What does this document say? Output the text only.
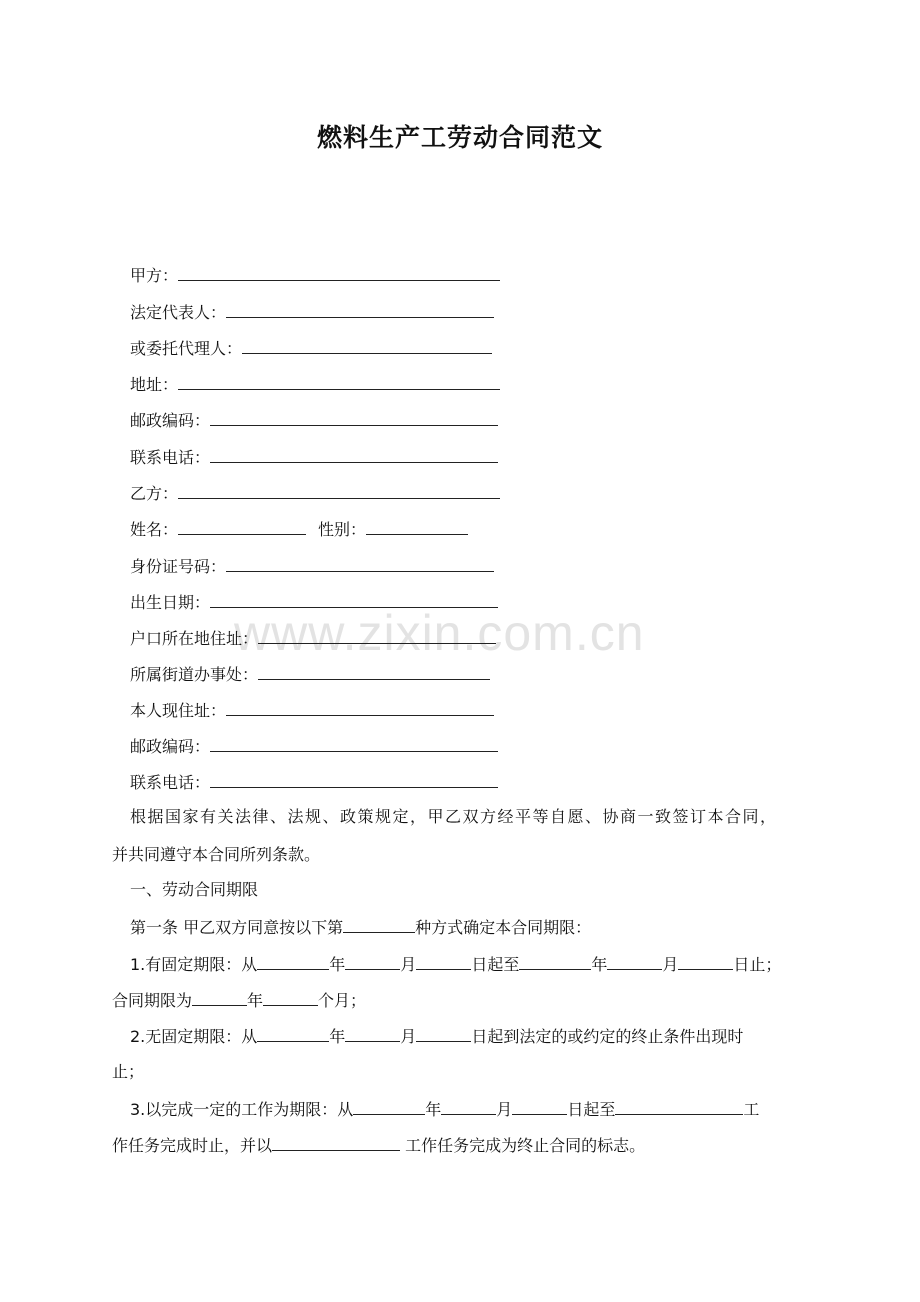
燃料生产工劳动合同范文
www.zixin.com.cn
甲方：
法定代表人：
或委托代理人：
地址：
邮政编码：
联系电话：
乙方：
姓名：	性别：
身份证号码：
出生日期：
户口所在地住址：
所属街道办事处：
本人现住址：
邮政编码：
联系电话：
根据国家有关法律、法规、政策规定，甲乙双方经平等自愿、协商一致签订本合同，
并共同遵守本合同所列条款。
一、劳动合同期限
第一条 甲乙双方同意按以下第	种方式确定本合同期限：
1.有固定期限：从	年	月	日起至	年	月	日止；
合同期限为	年	个月；
2.无固定期限：从	年	月	日起到法定的或约定的终止条件出现时
止；
3.以完成一定的工作为期限：从	年	月	日起至	工
作任务完成时止，并以	工作任务完成为终止合同的标志。
